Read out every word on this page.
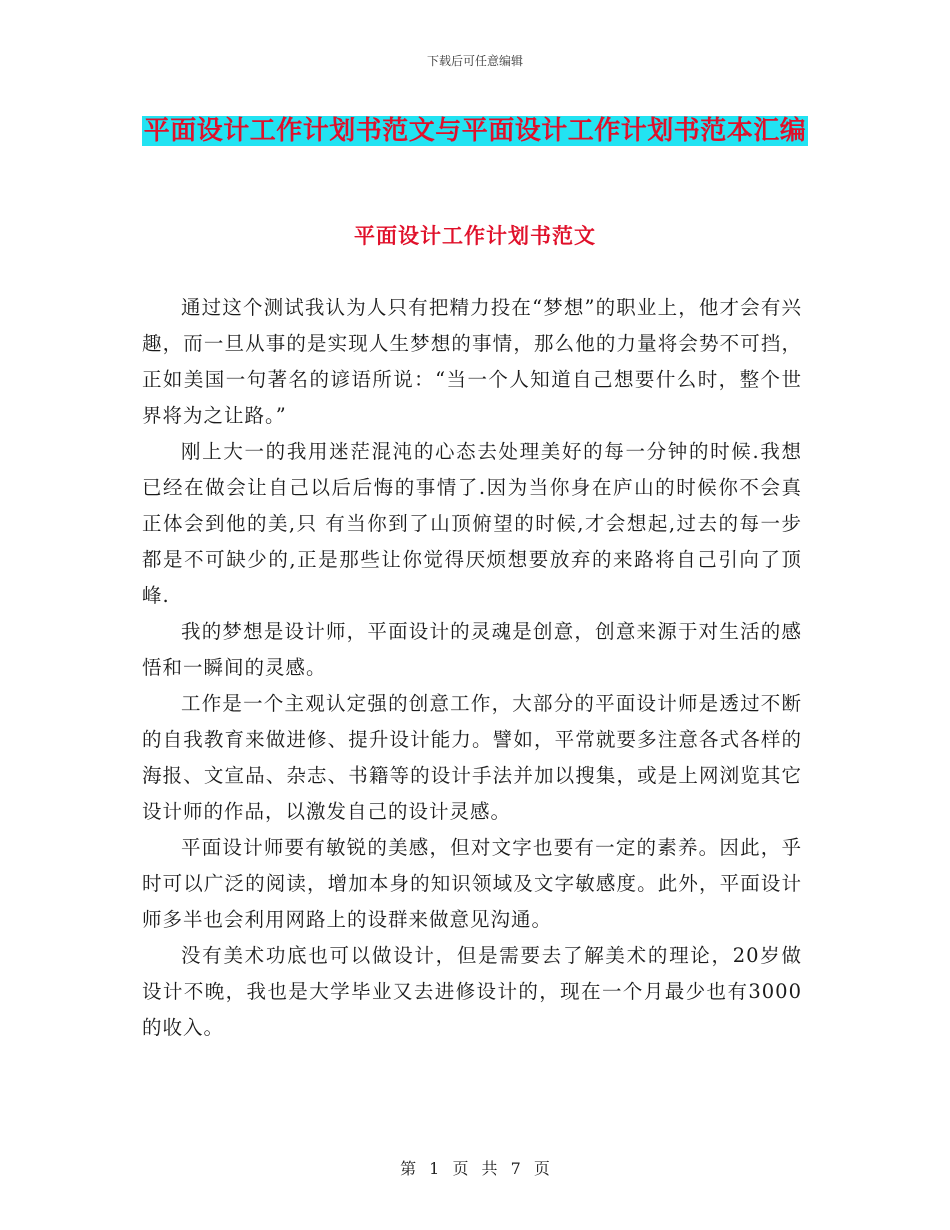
下载后可任意编辑
平面设计工作计划书范文与平面设计工作计划书范本汇编
平面设计工作计划书范文

通过这个测试我认为人只有把精力投在“梦想”的职业上，他才会有兴趣，而一旦从事的是实现人生梦想的事情，那么他的力量将会势不可挡，正如美国一句著名的谚语所说：“当一个人知道自己想要什么时，整个世界将为之让路。”

刚上大一的我用迷茫混沌的心态去处理美好的每一分钟的时候.我想已经在做会让自己以后后悔的事情了.因为当你身在庐山的时候你不会真正体会到他的美,只 有当你到了山顶俯望的时候,才会想起,过去的每一步都是不可缺少的,正是那些让你觉得厌烦想要放弃的来路将自己引向了顶峰.

我的梦想是设计师，平面设计的灵魂是创意，创意来源于对生活的感悟和一瞬间的灵感。

工作是一个主观认定强的创意工作，大部分的平面设计师是透过不断的自我教育来做进修、提升设计能力。譬如，平常就要多注意各式各样的海报、文宣品、杂志、书籍等的设计手法并加以搜集，或是上网浏览其它设计师的作品，以激发自己的设计灵感。

平面设计师要有敏锐的美感，但对文字也要有一定的素养。因此，乎时可以广泛的阅读，增加本身的知识领域及文字敏感度。此外，平面设计师多半也会利用网路上的设群来做意见沟通。

没有美术功底也可以做设计，但是需要去了解美术的理论，20岁做设计不晚，我也是大学毕业又去进修设计的，现在一个月最少也有3000的收入。

第 1 页 共 7 页
